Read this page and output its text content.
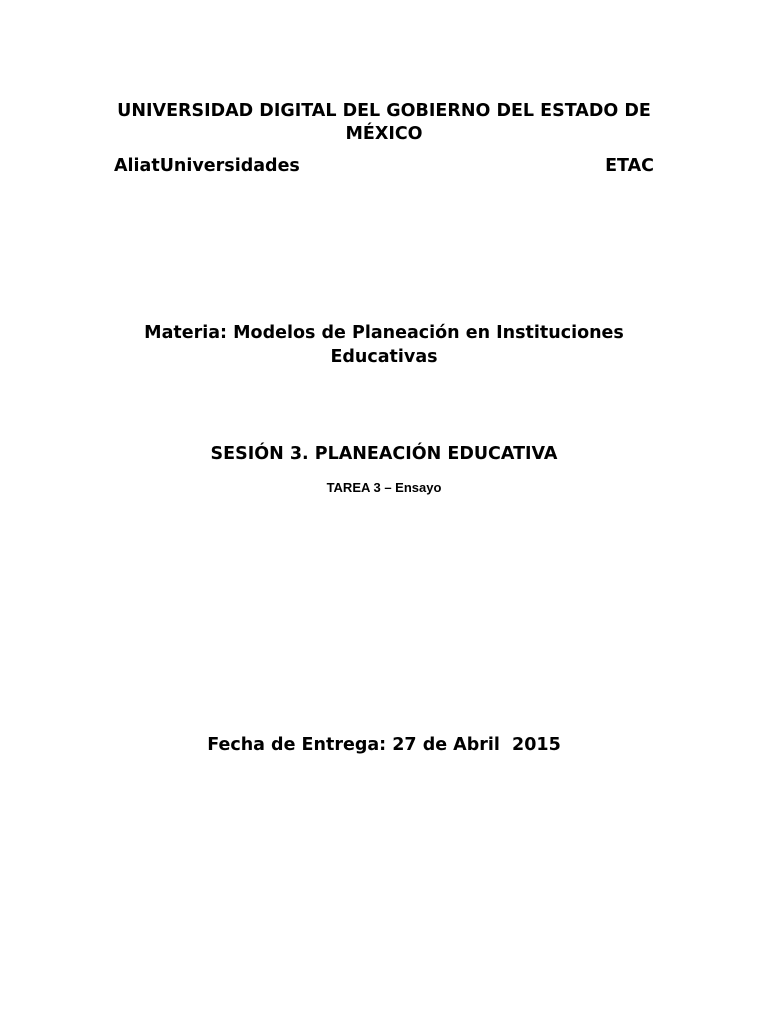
UNIVERSIDAD DIGITAL DEL GOBIERNO DEL ESTADO DE MÉXICO
AliatUniversidades	ETAC
Materia: Modelos de Planeación en Instituciones Educativas
SESIÓN 3. PLANEACIÓN EDUCATIVA
TAREA 3 – Ensayo
Fecha de Entrega: 27 de Abril  2015
